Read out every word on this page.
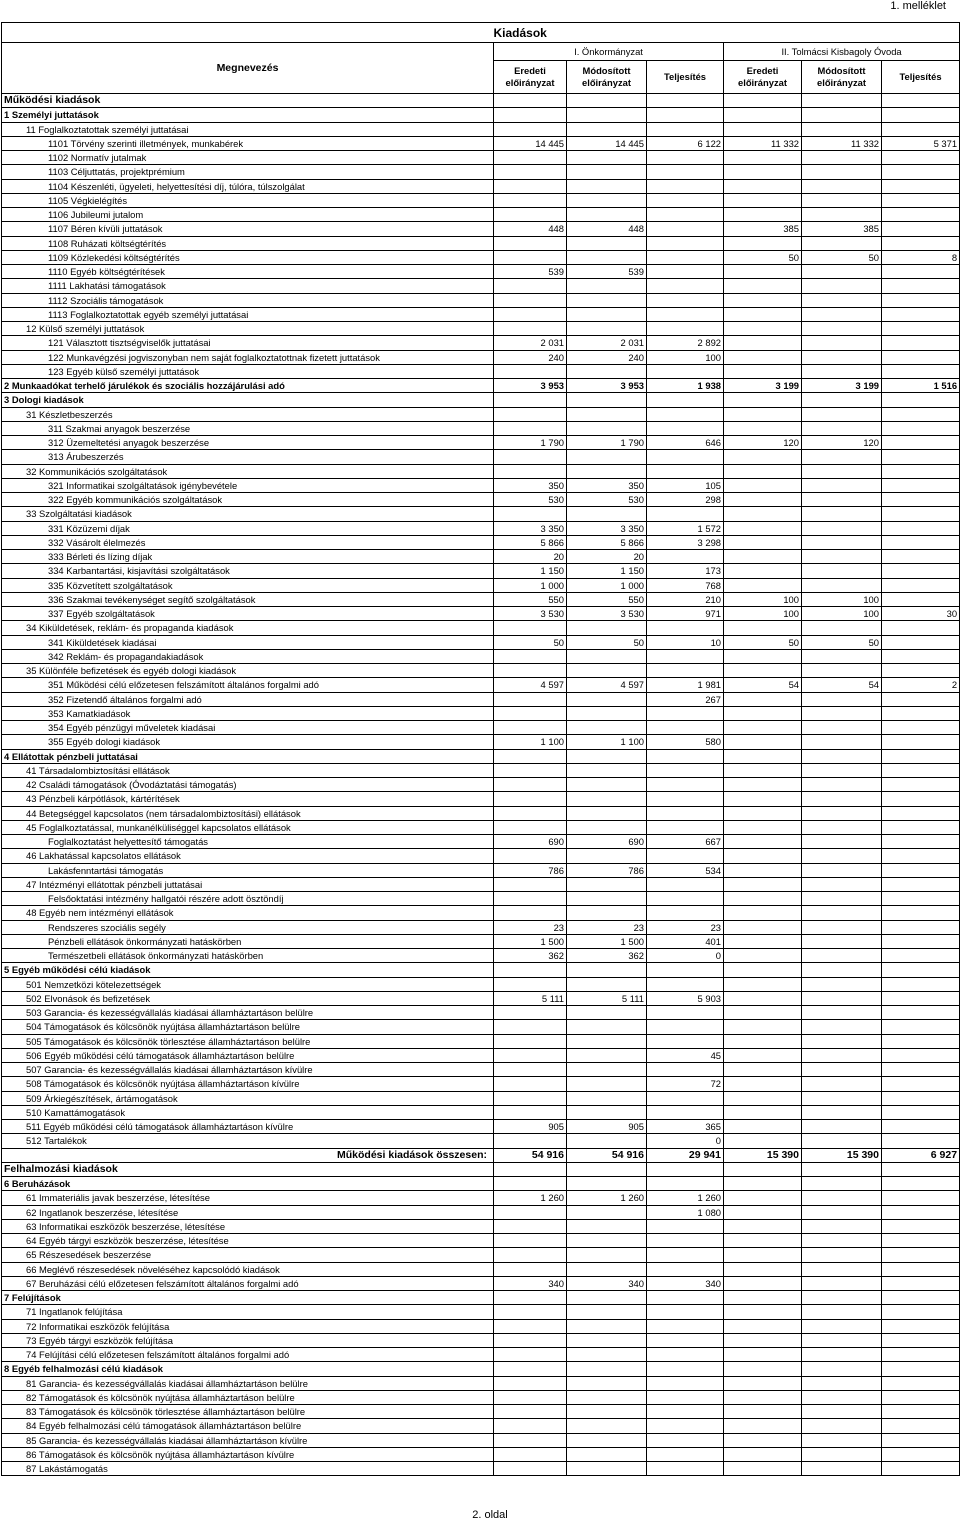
1. melléklet
	Kiadások					
Megnevezés	I. Önkormányzat			II. Tolmácsi Kisbagoly Óvoda		
	Eredeti előirányzat	Módosított előirányzat	Teljesítés	Eredeti előirányzat	Módosított előirányzat	Teljesítés
Működési kiadások						
1 Személyi juttatások						
11 Foglalkoztatottak személyi juttatásai						
1101 Törvény szerinti illetmények, munkabérek	14 445	14 445	6 122	11 332	11 332	5 371
1102 Normatív jutalmak						
1103 Céljuttatás, projektprémium						
1104 Készenléti, ügyeleti, helyettesítési díj, túlóra, túlszolgálat						
1105 Végkielégítés						
1106 Jubileumi jutalom						
1107 Béren kívüli juttatások	448	448		385	385	
1108 Ruházati költségtérítés						
1109 Közlekedési költségtérítés				50	50	8
1110 Egyéb költségtérítések	539	539				
1111 Lakhatási támogatások						
1112 Szociális támogatások						
1113 Foglalkoztatottak egyéb személyi juttatásai						
12 Külső személyi juttatások						
121 Választott tisztségviselők juttatásai	2 031	2 031	2 892			
122 Munkavégzési jogviszonyban nem saját foglalkoztatottnak fizetett juttatások	240	240	100			
123 Egyéb külső személyi juttatások						
2 Munkaadókat terhelő járulékok és szociális hozzájárulási adó	3 953	3 953	1 938	3 199	3 199	1 516
3 Dologi kiadások						
31 Készletbeszerzés						
311 Szakmai anyagok beszerzése						
312 Üzemeltetési anyagok beszerzése	1 790	1 790	646	120	120	
313 Árubeszerzés						
32 Kommunikációs szolgáltatások						
321 Informatikai szolgáltatások igénybevétele	350	350	105			
322 Egyéb kommunikációs szolgáltatások	530	530	298			
33 Szolgáltatási kiadások						
331 Közüzemi díjak	3 350	3 350	1 572			
332 Vásárolt élelmezés	5 866	5 866	3 298			
333 Bérleti és lízing díjak	20	20				
334 Karbantartási, kisjavítási szolgáltatások	1 150	1 150	173			
335 Közvetített szolgáltatások	1 000	1 000	768			
336 Szakmai tevékenységet segítő szolgáltatások	550	550	210	100	100	
337 Egyéb szolgáltatások	3 530	3 530	971	100	100	30
34 Kiküldetések, reklám- és propaganda kiadások						
341 Kiküldetések kiadásai	50	50	10	50	50	
342 Reklám- és propagandakiadások						
35 Különféle befizetések és egyéb dologi kiadások						
351 Működési célú előzetesen felszámított általános forgalmi adó	4 597	4 597	1 981	54	54	2
352 Fizetendő általános forgalmi adó			267			
353 Kamatkiadások						
354 Egyéb pénzügyi műveletek kiadásai						
355 Egyéb dologi kiadások	1 100	1 100	580			
4 Ellátottak pénzbeli juttatásai						
41 Társadalombiztosítási ellátások						
42 Családi támogatások (Óvodáztatási támogatás)						
43 Pénzbeli kárpótlások, kártérítések						
44 Betegséggel kapcsolatos (nem társadalombiztosítási) ellátások						
45 Foglalkoztatással, munkanélküliséggel kapcsolatos ellátások						
Foglalkoztatást helyettesítő támogatás	690	690	667			
46 Lakhatással kapcsolatos ellátások						
Lakásfenntartási támogatás	786	786	534			
47 Intézményi ellátottak pénzbeli juttatásai						
Felsőoktatási intézmény hallgatói részére adott ösztöndíj						
48 Egyéb nem intézményi ellátások						
Rendszeres szociális segély	23	23	23			
Pénzbeli ellátások önkormányzati hatáskörben	1 500	1 500	401			
Természetbeli ellátások önkormányzati hatáskörben	362	362	0			
5 Egyéb működési célú kiadások						
501 Nemzetközi kötelezettségek						
502 Elvonások és befizetések	5 111	5 111	5 903			
503 Garancia- és kezességvállalás kiadásai államháztartáson belülre						
504 Támogatások és kölcsönök nyújtása államháztartáson belülre						
505 Támogatások és kölcsönök törlesztése államháztartáson belülre						
506 Egyéb működési célú támogatások államháztartáson belülre			45			
507 Garancia- és kezességvállalás kiadásai államháztartáson kívülre						
508 Támogatások és kölcsönök nyújtása államháztartáson kívülre			72			
509 Árkiegészítések, ártámogatások						
510 Kamattámogatások						
511 Egyéb működési célú támogatások államháztartáson kívülre	905	905	365			
512 Tartalékok			0			
Működési kiadások összesen:	54 916	54 916	29 941	15 390	15 390	6 927
Felhalmozási kiadások						
6 Beruházások						
61 Immateriális javak beszerzése, létesítése	1 260	1 260	1 260			
62 Ingatlanok beszerzése, létesítése			1 080			
63 Informatikai eszközök beszerzése, létesítése						
64 Egyéb tárgyi eszközök beszerzése, létesítése						
65 Részesedések beszerzése						
66 Meglévő részesedések növeléséhez kapcsolódó kiadások						
67 Beruházási célú előzetesen felszámított általános forgalmi adó	340	340	340			
7 Felújítások						
71 Ingatlanok felújítása						
72 Informatikai eszközök felújítása						
73 Egyéb tárgyi eszközök felújítása						
74 Felújítási célú előzetesen felszámított általános forgalmi adó						
8 Egyéb felhalmozási célú kiadások						
81 Garancia- és kezességvállalás kiadásai államháztartáson belülre						
82 Támogatások és kölcsönök nyújtása államháztartáson belülre						
83 Támogatások és kölcsönök törlesztése államháztartáson belülre						
84 Egyéb felhalmozási célú támogatások államháztartáson belülre						
85 Garancia- és kezességvállalás kiadásai államháztartáson kívülre						
86 Támogatások és kölcsönök nyújtása államháztartáson kívülre						
87 Lakástámogatás						
2. oldal
